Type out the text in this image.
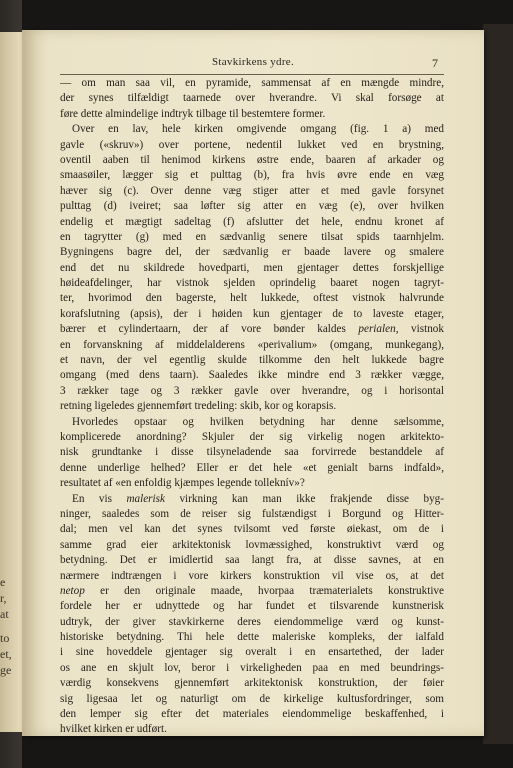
e
r,
at
to
et,
ge
Stavkirkens ydre.	7
— om man saa vil, en pyramide, sammensat af en mængde mindre,
der synes tilfældigt taarnede over hverandre. Vi skal forsøge at
føre dette almindelige indtryk tilbage til bestemtere former.
Over en lav, hele kirken omgivende omgang (fig. 1 a) med
gavle («skruv») over portene, nedentil lukket ved en brystning,
oventil aaben til henimod kirkens østre ende, baaren af arkader og
smaasøiler, lægger sig et pulttag (b), fra hvis øvre ende en væg
hæver sig (c). Over denne væg stiger atter et med gavle forsynet
pulttag (d) iveiret; saa løfter sig atter en væg (e), over hvilken
endelig et mægtigt sadeltag (f) afslutter det hele, endnu kronet af
en tagrytter (g) med en sædvanlig senere tilsat spids taarnhjelm.
Bygningens bagre del, der sædvanlig er baade lavere og smalere
end det nu skildrede hovedparti, men gjentager dettes forskjellige
høideafdelinger, har vistnok sjelden oprindelig baaret nogen tagryt-
ter, hvorimod den bagerste, helt lukkede, oftest vistnok halvrunde
korafslutning (apsis), der i høiden kun gjentager de to laveste etager,
bærer et cylindertaarn, der af vore bønder kaldes perialen, vistnok
en forvanskning af middelalderens «perivalium» (omgang, munkegang),
et navn, der vel egentlig skulde tilkomme den helt lukkede bagre
omgang (med dens taarn). Saaledes ikke mindre end 3 rækker vægge,
3 rækker tage og 3 rækker gavle over hverandre, og i horisontal
retning ligeledes gjennemført tredeling: skib, kor og korapsis.
Hvorledes opstaar og hvilken betydning har denne sælsomme,
komplicerede anordning? Skjuler der sig virkelig nogen arkitekto-
nisk grundtanke i disse tilsyneladende saa forvirrede bestanddele af
denne underlige helhed? Eller er det hele «et genialt barns indfald»,
resultatet af «en enfoldig kjæmpes legende tolleknív»?
En vis malerisk virkning kan man ikke frakjende disse byg-
ninger, saaledes som de reiser sig fulstændigst i Borgund og Hitter-
dal; men vel kan det synes tvilsomt ved første øiekast, om de i
samme grad eier arkitektonisk lovmæssighed, konstruktivt værd og
betydning. Det er imidlertid saa langt fra, at disse savnes, at en
nærmere indtrængen i vore kirkers konstruktion vil vise os, at det
netop er den originale maade, hvorpaa træmaterialets konstruktive
fordele her er udnyttede og har fundet et tilsvarende kunstnerisk
udtryk, der giver stavkirkerne deres eiendommelige værd og kunst-
historiske betydning. Thi hele dette maleriske kompleks, der ialfald
i sine hoveddele gjentager sig overalt i en ensartethed, der lader
os ane en skjult lov, beror i virkeligheden paa en med beundrings-
værdig konsekvens gjennemført arkitektonisk konstruktion, der føier
sig ligesaa let og naturligt om de kirkelige kultusfordringer, som
den lemper sig efter det materiales eiendommelige beskaffenhed, i
hvilket kirken er udført.
